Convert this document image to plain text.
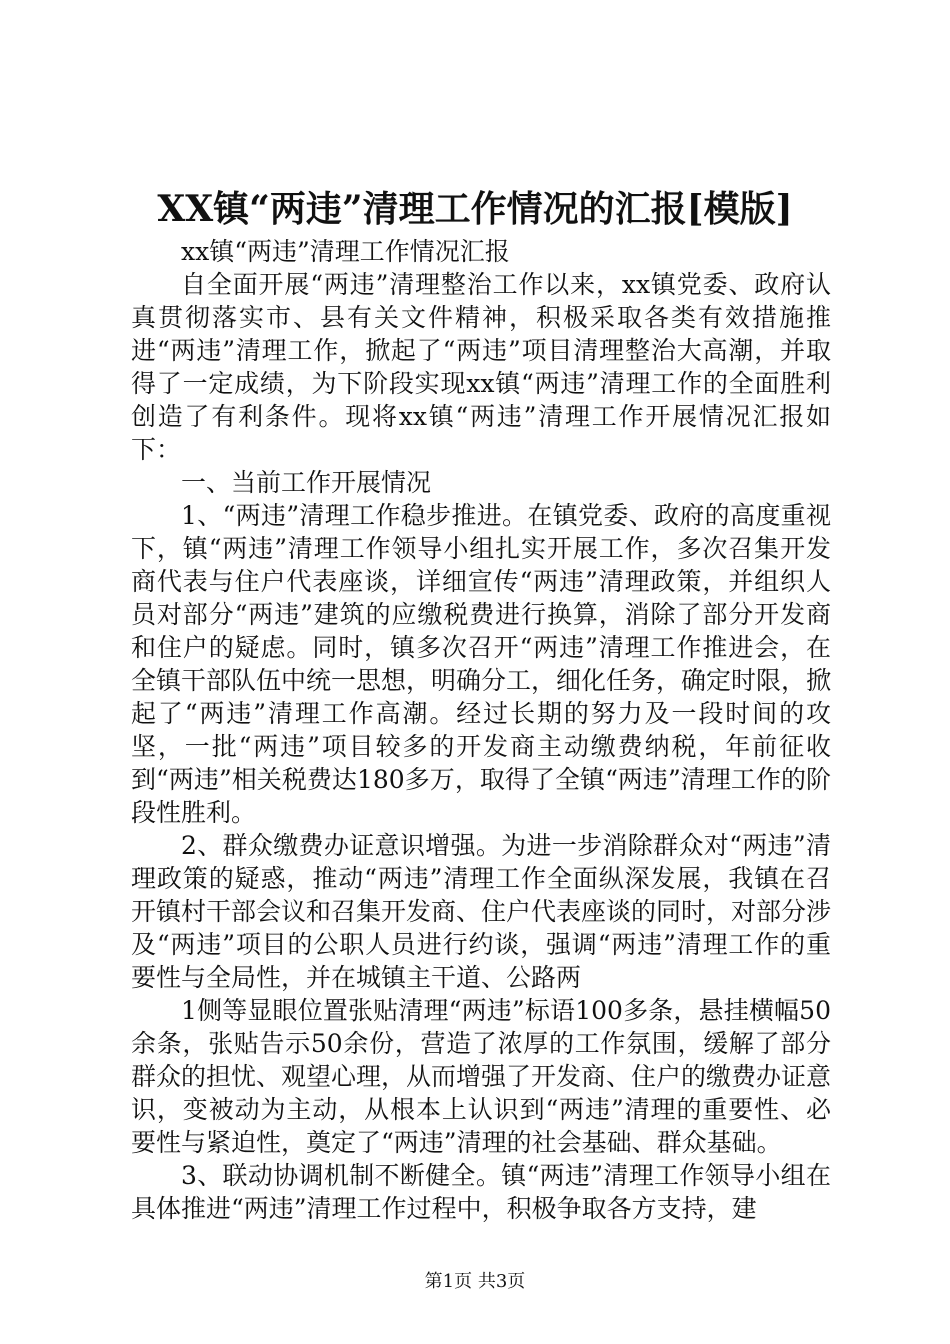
XX镇“两违”清理工作情况的汇报[模版]

xx镇“两违”清理工作情况汇报

自全面开展“两违”清理整治工作以来，xx镇党委、政府认真贯彻落实市、县有关文件精神，积极采取各类有效措施推进“两违”清理工作，掀起了“两违”项目清理整治大高潮，并取得了一定成绩，为下阶段实现xx镇“两违”清理工作的全面胜利创造了有利条件。现将xx镇“两违”清理工作开展情况汇报如下：

一、当前工作开展情况

1、“两违”清理工作稳步推进。在镇党委、政府的高度重视下，镇“两违”清理工作领导小组扎实开展工作，多次召集开发商代表与住户代表座谈，详细宣传“两违”清理政策，并组织人员对部分“两违”建筑的应缴税费进行换算，消除了部分开发商和住户的疑虑。同时，镇多次召开“两违”清理工作推进会，在全镇干部队伍中统一思想，明确分工，细化任务，确定时限，掀起了“两违”清理工作高潮。经过长期的努力及一段时间的攻坚，一批“两违”项目较多的开发商主动缴费纳税，年前征收到“两违”相关税费达180多万，取得了全镇“两违”清理工作的阶段性胜利。

2、群众缴费办证意识增强。为进一步消除群众对“两违”清理政策的疑惑，推动“两违”清理工作全面纵深发展，我镇在召开镇村干部会议和召集开发商、住户代表座谈的同时，对部分涉及“两违”项目的公职人员进行约谈，强调“两违”清理工作的重要性与全局性，并在城镇主干道、公路两

1侧等显眼位置张贴清理“两违”标语100多条，悬挂横幅50余条，张贴告示50余份，营造了浓厚的工作氛围，缓解了部分群众的担忧、观望心理，从而增强了开发商、住户的缴费办证意识，变被动为主动，从根本上认识到“两违”清理的重要性、必要性与紧迫性，奠定了“两违”清理的社会基础、群众基础。

3、联动协调机制不断健全。镇“两违”清理工作领导小组在具体推进“两违”清理工作过程中，积极争取各方支持，建

第1页 共3页
